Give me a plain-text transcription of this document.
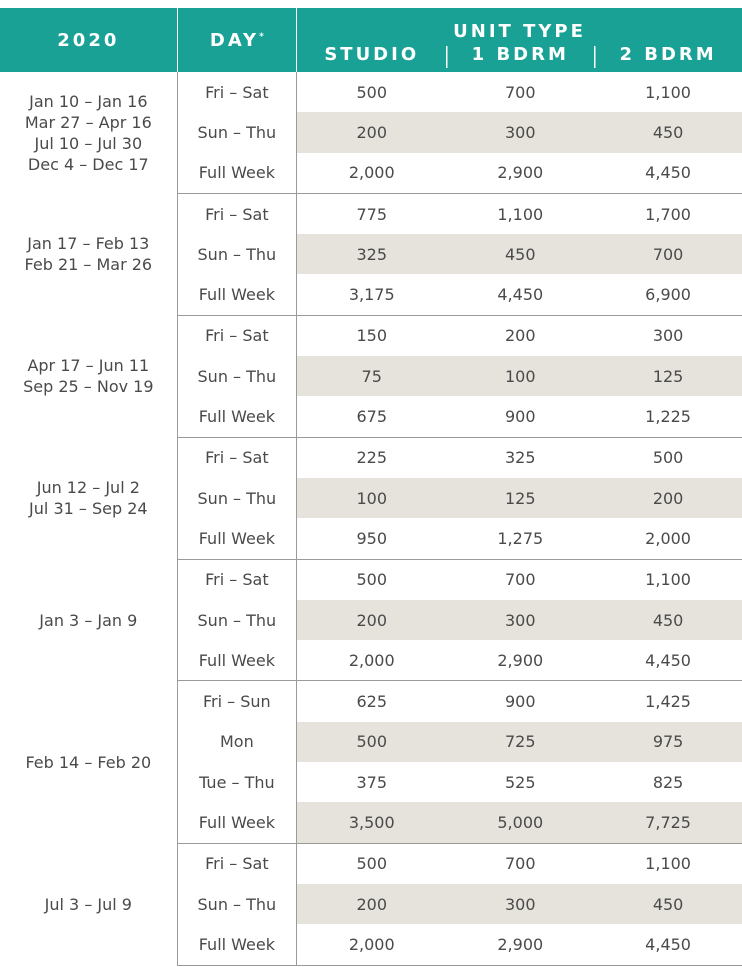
2020	DAY*	UNIT TYPE		
		STUDIO	1 BDRM	2 BDRM

Jan 10 – Jan 16
Mar 27 – Apr 16
Jul 10 – Jul 30
Dec 4 – Dec 17	Fri – Sat	500	700	1,100
	Sun – Thu	200	300	450
	Full Week	2,000	2,900	4,450

Jan 17 – Feb 13
Feb 21 – Mar 26	Fri – Sat	775	1,100	1,700
	Sun – Thu	325	450	700
	Full Week	3,175	4,450	6,900

Apr 17 – Jun 11
Sep 25 – Nov 19	Fri – Sat	150	200	300
	Sun – Thu	75	100	125
	Full Week	675	900	1,225

Jun 12 – Jul 2
Jul 31 – Sep 24	Fri – Sat	225	325	500
	Sun – Thu	100	125	200
	Full Week	950	1,275	2,000

Jan 3 – Jan 9	Fri – Sat	500	700	1,100
	Sun – Thu	200	300	450
	Full Week	2,000	2,900	4,450

Feb 14 – Feb 20	Fri – Sun	625	900	1,425
	Mon	500	725	975
	Tue – Thu	375	525	825
	Full Week	3,500	5,000	7,725

Jul 3 – Jul 9	Fri – Sat	500	700	1,100
	Sun – Thu	200	300	450
	Full Week	2,000	2,900	4,450
